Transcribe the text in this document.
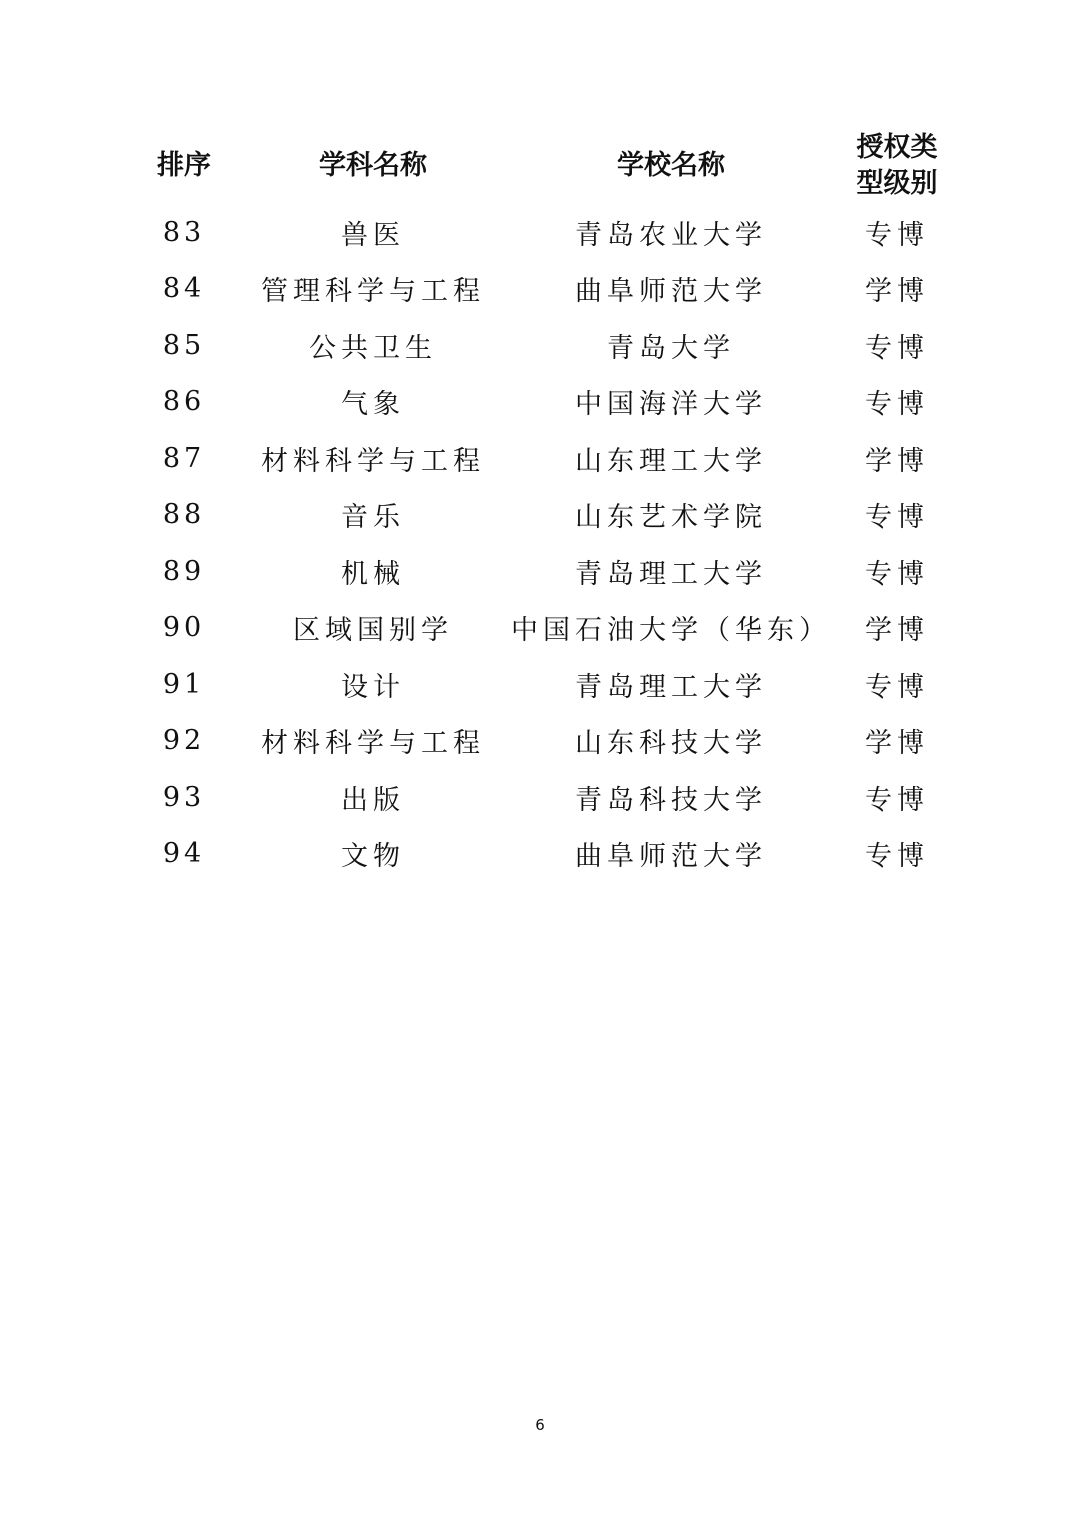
排序	学科名称	学校名称	授权类
型级别

83	兽医	青岛农业大学	专博
84	管理科学与工程	曲阜师范大学	学博
85	公共卫生	青岛大学	专博
86	气象	中国海洋大学	专博
87	材料科学与工程	山东理工大学	学博
88	音乐	山东艺术学院	专博
89	机械	青岛理工大学	专博
90	区域国别学	中国石油大学（华东）	学博
91	设计	青岛理工大学	专博
92	材料科学与工程	山东科技大学	学博
93	出版	青岛科技大学	专博
94	文物	曲阜师范大学	专博
6
